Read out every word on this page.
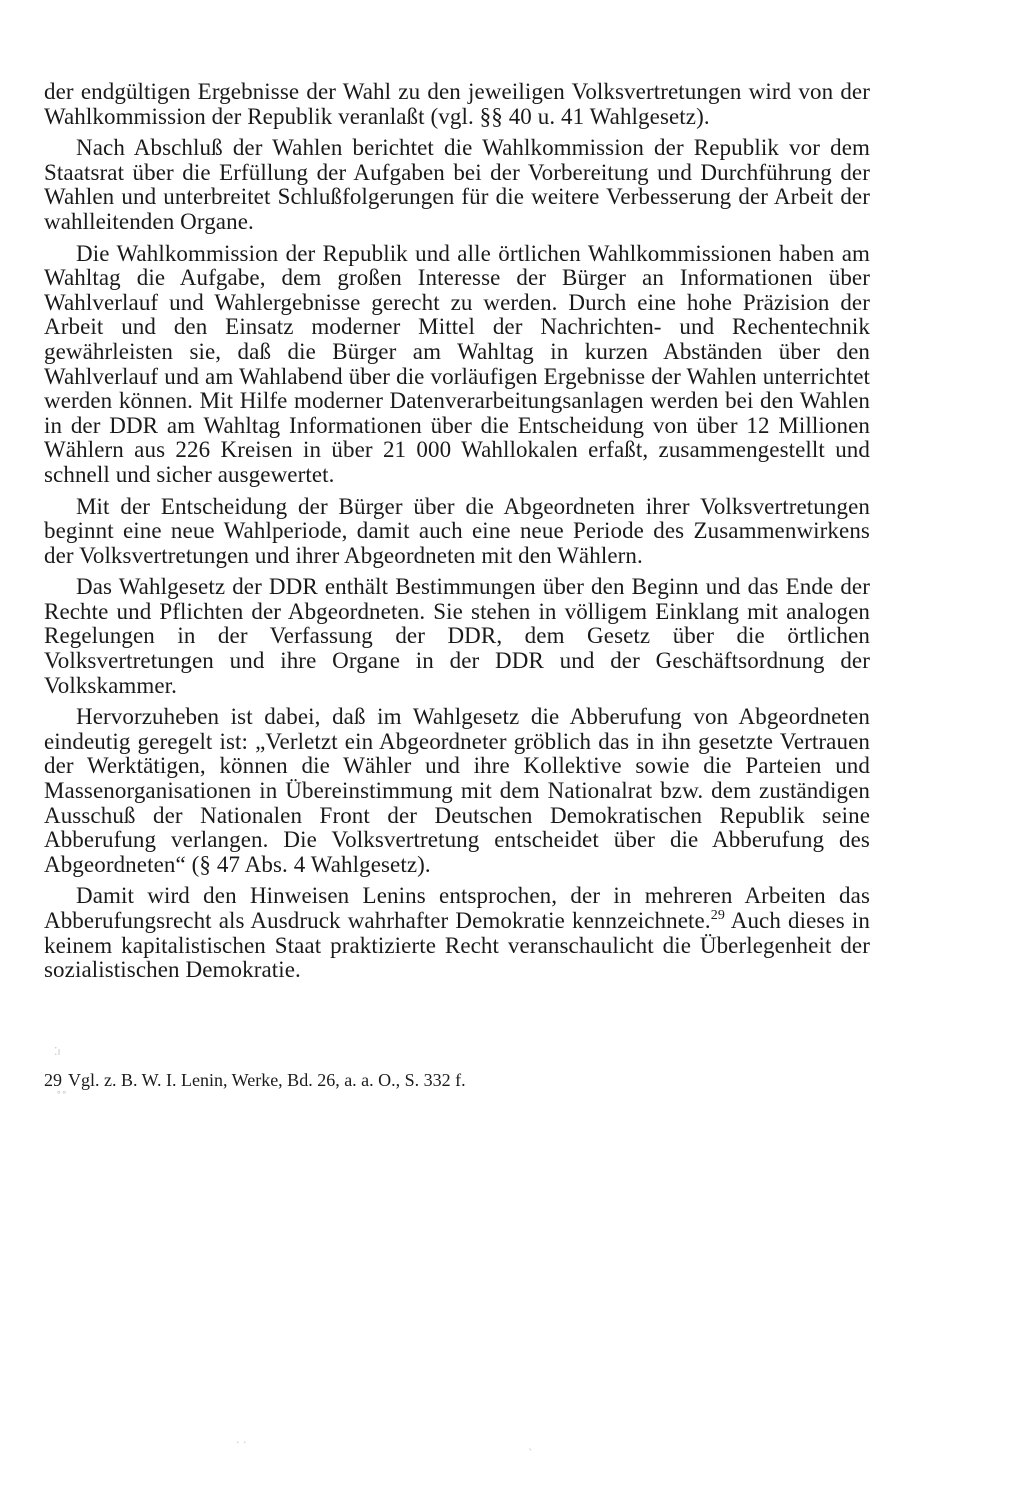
der endgültigen Ergebnisse der Wahl zu den jeweiligen Volksvertretungen wird von der Wahlkommission der Republik veranlaßt (vgl. §§ 40 u. 41 Wahlgesetz).

Nach Abschluß der Wahlen berichtet die Wahlkommission der Republik vor dem Staatsrat über die Erfüllung der Aufgaben bei der Vorbereitung und Durchführung der Wahlen und unterbreitet Schlußfolgerungen für die weitere Verbesserung der Arbeit der wahlleitenden Organe.

Die Wahlkommission der Republik und alle örtlichen Wahlkommissionen haben am Wahltag die Aufgabe, dem großen Interesse der Bürger an Informationen über Wahlverlauf und Wahlergebnisse gerecht zu werden. Durch eine hohe Präzision der Arbeit und den Einsatz moderner Mittel der Nachrichten- und Rechentechnik gewährleisten sie, daß die Bürger am Wahltag in kurzen Abständen über den Wahlverlauf und am Wahlabend über die vorläufigen Ergebnisse der Wahlen unterrichtet werden können. Mit Hilfe moderner Datenverarbeitungsanlagen werden bei den Wahlen in der DDR am Wahltag Informationen über die Entscheidung von über 12 Millionen Wählern aus 226 Kreisen in über 21 000 Wahllokalen erfaßt, zusammengestellt und schnell und sicher ausgewertet.

Mit der Entscheidung der Bürger über die Abgeordneten ihrer Volksvertretungen beginnt eine neue Wahlperiode, damit auch eine neue Periode des Zusammenwirkens der Volksvertretungen und ihrer Abgeordneten mit den Wählern.

Das Wahlgesetz der DDR enthält Bestimmungen über den Beginn und das Ende der Rechte und Pflichten der Abgeordneten. Sie stehen in völligem Einklang mit analogen Regelungen in der Verfassung der DDR, dem Gesetz über die örtlichen Volksvertretungen und ihre Organe in der DDR und der Geschäftsordnung der Volkskammer.

Hervorzuheben ist dabei, daß im Wahlgesetz die Abberufung von Abgeordneten eindeutig geregelt ist: „Verletzt ein Abgeordneter gröblich das in ihn gesetzte Vertrauen der Werktätigen, können die Wähler und ihre Kollektive sowie die Parteien und Massenorganisationen in Übereinstimmung mit dem Nationalrat bzw. dem zuständigen Ausschuß der Nationalen Front der Deutschen Demokratischen Republik seine Abberufung verlangen. Die Volksvertretung entscheidet über die Abberufung des Abgeordneten“ (§ 47 Abs. 4 Wahlgesetz).

Damit wird den Hinweisen Lenins entsprochen, der in mehreren Arbeiten das Abberufungsrecht als Ausdruck wahrhafter Demokratie kennzeichnete.$^{29}$ Auch dieses in keinem kapitalistischen Staat praktizierte Recht veranschaulicht die Überlegenheit der sozialistischen Demokratie.

⁚ı
˚˚
29 Vgl. z. B. W. I. Lenin, Werke, Bd. 26, a. a. O., S. 332 f.
· ·	ˎ
